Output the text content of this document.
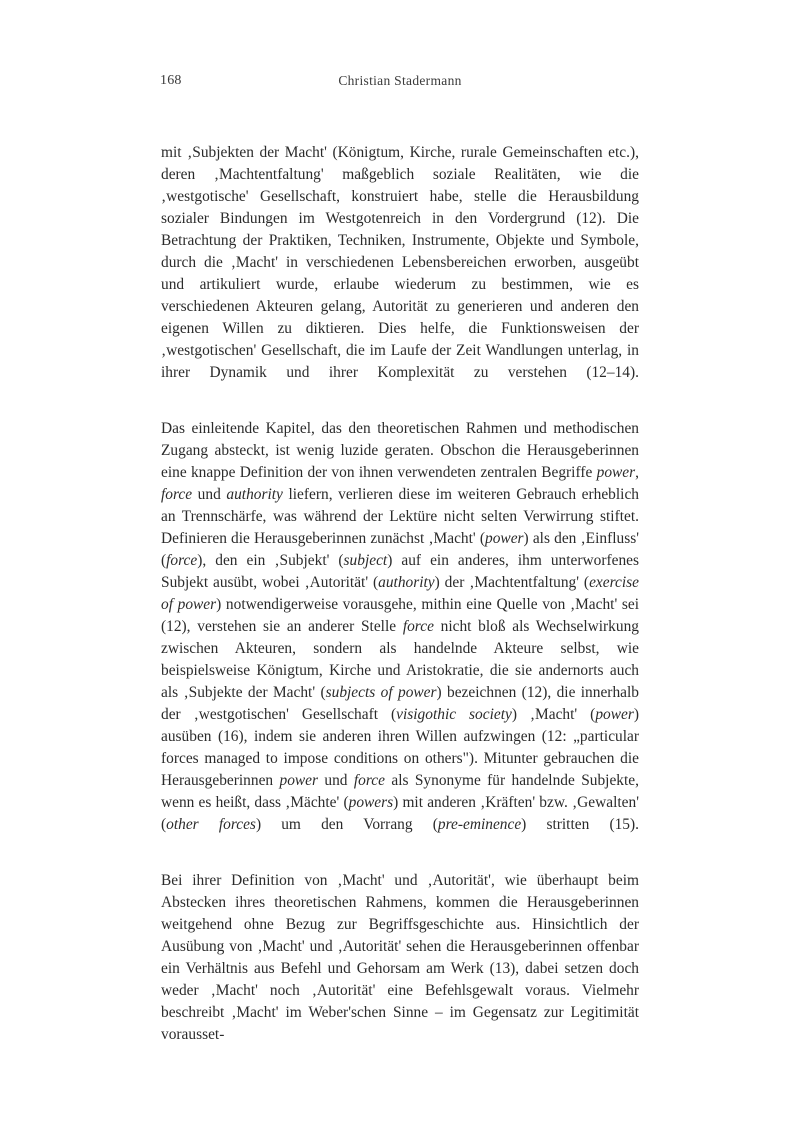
168	Christian Stadermann

mit ‚Subjekten der Macht' (Königtum, Kirche, rurale Gemeinschaften etc.), deren ‚Machtentfaltung' maßgeblich soziale Realitäten, wie die ‚westgotische' Gesellschaft, konstruiert habe, stelle die Herausbildung sozialer Bindungen im Westgotenreich in den Vordergrund (12). Die Betrachtung der Praktiken, Techniken, Instrumente, Objekte und Symbole, durch die ‚Macht' in verschiedenen Lebensbereichen erworben, ausgeübt und artikuliert wurde, erlaube wiederum zu bestimmen, wie es verschiedenen Akteuren gelang, Autorität zu generieren und anderen den eigenen Willen zu diktieren. Dies helfe, die Funktionsweisen der ‚westgotischen' Gesellschaft, die im Laufe der Zeit Wandlungen unterlag, in ihrer Dynamik und ihrer Komplexität zu verstehen (12–14).

Das einleitende Kapitel, das den theoretischen Rahmen und methodischen Zugang absteckt, ist wenig luzide geraten. Obschon die Herausgeberinnen eine knappe Definition der von ihnen verwendeten zentralen Begriffe power, force und authority liefern, verlieren diese im weiteren Gebrauch erheblich an Trennschärfe, was während der Lektüre nicht selten Verwirrung stiftet. Definieren die Herausgeberinnen zunächst ‚Macht' (power) als den ‚Einfluss' (force), den ein ‚Subjekt' (subject) auf ein anderes, ihm unterworfenes Subjekt ausübt, wobei ‚Autorität' (authority) der ‚Machtentfaltung' (exercise of power) notwendigerweise vorausgehe, mithin eine Quelle von ‚Macht' sei (12), verstehen sie an anderer Stelle force nicht bloß als Wechselwirkung zwischen Akteuren, sondern als handelnde Akteure selbst, wie beispielsweise Königtum, Kirche und Aristokratie, die sie andernorts auch als ‚Subjekte der Macht' (subjects of power) bezeichnen (12), die innerhalb der ‚westgotischen' Gesellschaft (visigothic society) ‚Macht' (power) ausüben (16), indem sie anderen ihren Willen aufzwingen (12: „particular forces managed to impose conditions on others"). Mitunter gebrauchen die Herausgeberinnen power und force als Synonyme für handelnde Subjekte, wenn es heißt, dass ‚Mächte' (powers) mit anderen ‚Kräften' bzw. ‚Gewalten' (other forces) um den Vorrang (pre-eminence) stritten (15).

Bei ihrer Definition von ‚Macht' und ‚Autorität', wie überhaupt beim Abstecken ihres theoretischen Rahmens, kommen die Herausgeberinnen weitgehend ohne Bezug zur Begriffsgeschichte aus. Hinsichtlich der Ausübung von ‚Macht' und ‚Autorität' sehen die Herausgeberinnen offenbar ein Verhältnis aus Befehl und Gehorsam am Werk (13), dabei setzen doch weder ‚Macht' noch ‚Autorität' eine Befehlsgewalt voraus. Vielmehr beschreibt ‚Macht' im Weber'schen Sinne – im Gegensatz zur Legitimität vorausset-
